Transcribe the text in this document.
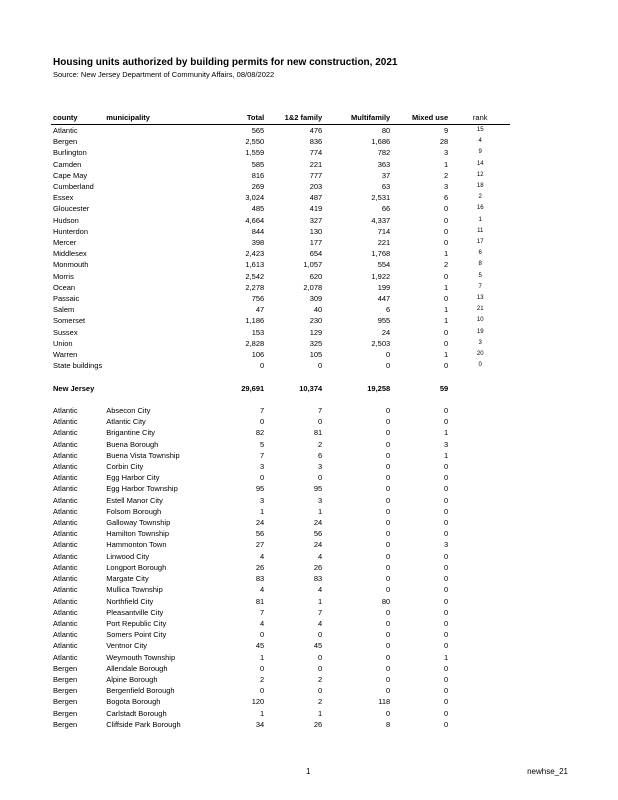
Housing units authorized by building permits for new construction, 2021
Source: New Jersey Department of Community Affairs, 08/08/2022
county	municipality	Total	1&2 family	Multifamily	Mixed use	rank
Atlantic		565	476	80	9	15
Bergen		2,550	836	1,686	28	4
Burlington		1,559	774	782	3	9
Camden		585	221	363	1	14
Cape May		816	777	37	2	12
Cumberland		269	203	63	3	18
Essex		3,024	487	2,531	6	2
Gloucester		485	419	66	0	16
Hudson		4,664	327	4,337	0	1
Hunterdon		844	130	714	0	11
Mercer		398	177	221	0	17
Middlesex		2,423	654	1,768	1	6
Monmouth		1,613	1,057	554	2	8
Morris		2,542	620	1,922	0	5
Ocean		2,278	2,078	199	1	7
Passaic		756	309	447	0	13
Salem		47	40	6	1	21
Somerset		1,186	230	955	1	10
Sussex		153	129	24	0	19
Union		2,828	325	2,503	0	3
Warren		106	105	0	1	20
State buildings		0	0	0	0	0

New Jersey		29,691	10,374	19,258	59	

Atlantic	Absecon City	7	7	0	0	
Atlantic	Atlantic City	0	0	0	0	
Atlantic	Brigantine City	82	81	0	1	
Atlantic	Buena Borough	5	2	0	3	
Atlantic	Buena Vista Township	7	6	0	1	
Atlantic	Corbin City	3	3	0	0	
Atlantic	Egg Harbor City	0	0	0	0	
Atlantic	Egg Harbor Township	95	95	0	0	
Atlantic	Estell Manor City	3	3	0	0	
Atlantic	Folsom Borough	1	1	0	0	
Atlantic	Galloway Township	24	24	0	0	
Atlantic	Hamilton Township	56	56	0	0	
Atlantic	Hammonton Town	27	24	0	3	
Atlantic	Linwood City	4	4	0	0	
Atlantic	Longport Borough	26	26	0	0	
Atlantic	Margate City	83	83	0	0	
Atlantic	Mullica Township	4	4	0	0	
Atlantic	Northfield City	81	1	80	0	
Atlantic	Pleasantville City	7	7	0	0	
Atlantic	Port Republic City	4	4	0	0	
Atlantic	Somers Point City	0	0	0	0	
Atlantic	Ventnor City	45	45	0	0	
Atlantic	Weymouth Township	1	0	0	1	
Bergen	Allendale Borough	0	0	0	0	
Bergen	Alpine Borough	2	2	0	0	
Bergen	Bergenfield Borough	0	0	0	0	
Bergen	Bogota Borough	120	2	118	0	
Bergen	Carlstadt Borough	1	1	0	0	
Bergen	Cliffside Park Borough	34	26	8	0	
1	newhse_21
